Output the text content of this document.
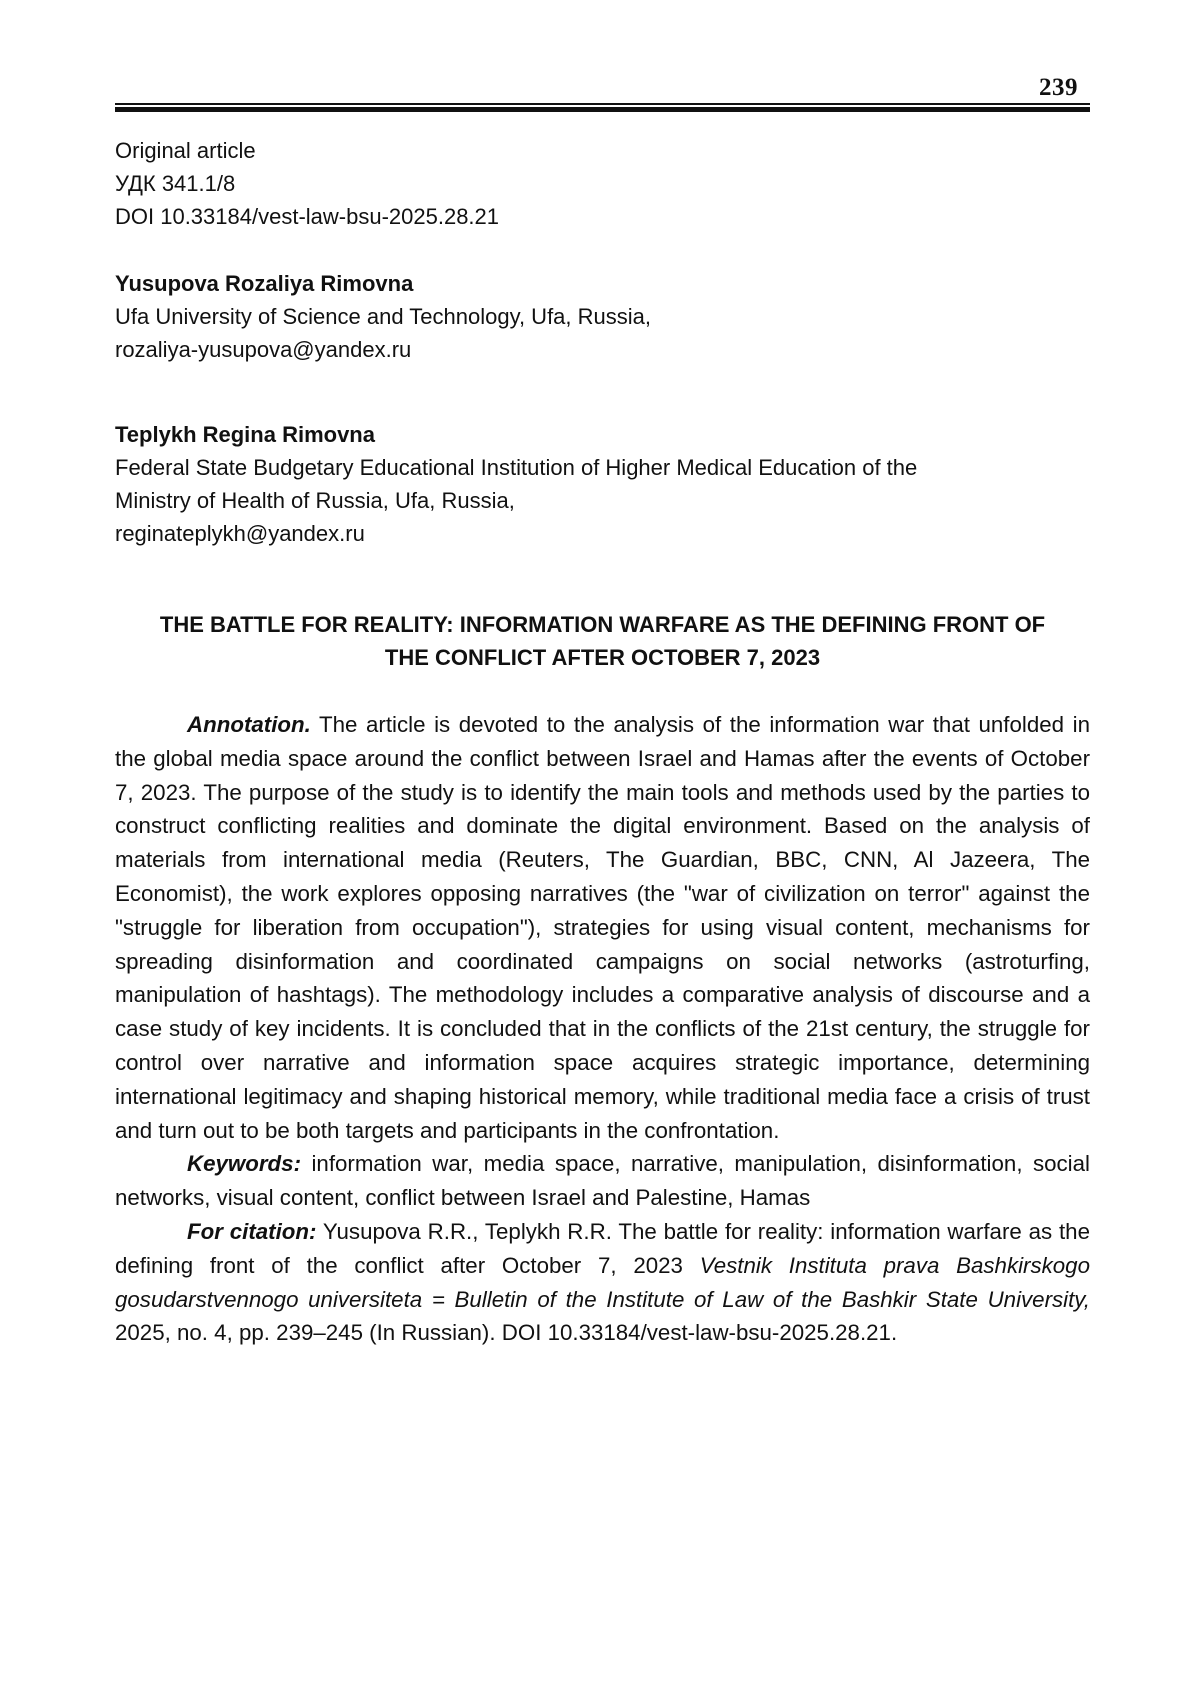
239
Original article
УДК 341.1/8
DOI 10.33184/vest-law-bsu-2025.28.21
Yusupova Rozaliya Rimovna
Ufa University of Science and Technology, Ufa, Russia,
rozaliya-yusupova@yandex.ru
Teplykh Regina Rimovna
Federal State Budgetary Educational Institution of Higher Medical Education of the
Ministry of Health of Russia, Ufa, Russia,
reginateplykh@yandex.ru
THE BATTLE FOR REALITY: INFORMATION WARFARE AS THE DEFINING FRONT OF
THE CONFLICT AFTER OCTOBER 7, 2023

Annotation. The article is devoted to the analysis of the information war that unfolded in the global media space around the conflict between Israel and Hamas after the events of October 7, 2023. The purpose of the study is to identify the main tools and methods used by the parties to construct conflicting realities and dominate the digital environment. Based on the analysis of materials from international media (Reuters, The Guardian, BBC, CNN, Al Jazeera, The Economist), the work explores opposing narratives (the "war of civilization on terror" against the "struggle for liberation from occupation"), strategies for using visual content, mechanisms for spreading disinformation and coordinated campaigns on social networks (astroturfing, manipulation of hashtags). The methodology includes a comparative analysis of discourse and a case study of key incidents. It is concluded that in the conflicts of the 21st century, the struggle for control over narrative and information space acquires strategic importance, determining international legitimacy and shaping historical memory, while traditional media face a crisis of trust and turn out to be both targets and participants in the confrontation.

Keywords: information war, media space, narrative, manipulation, disinformation, social networks, visual content, conflict between Israel and Palestine, Hamas

For citation: Yusupova R.R., Teplykh R.R. The battle for reality: information warfare as the defining front of the conflict after October 7, 2023 Vestnik Instituta prava Bashkirskogo gosudarstvennogo universiteta = Bulletin of the Institute of Law of the Bashkir State University, 2025, no. 4, pp. 239–245 (In Russian). DOI 10.33184/vest-law-bsu-2025.28.21.
